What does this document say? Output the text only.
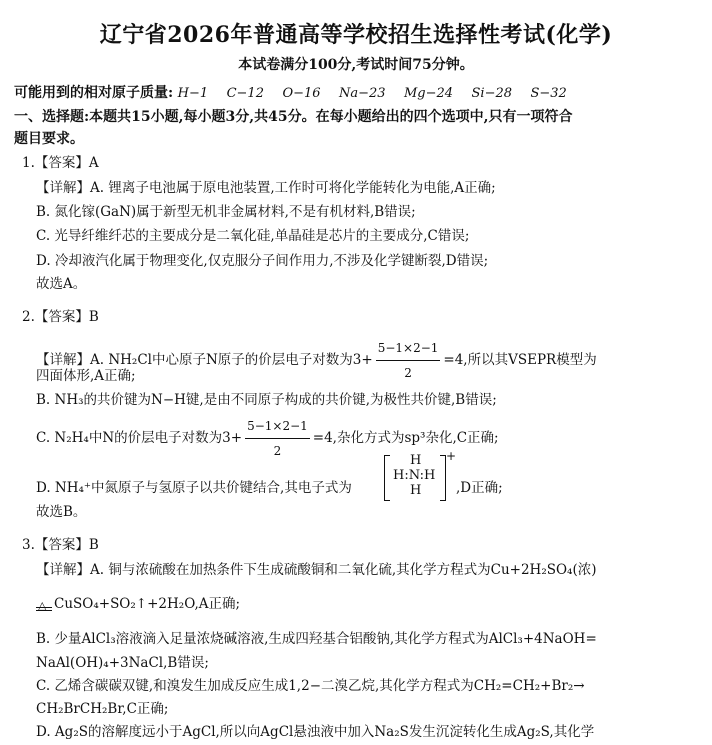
辽宁省2026年普通高等学校招生选择性考试(化学)
本试卷满分100分,考试时间75分钟。
可能用到的相对原子质量: H−1 C−12 O−16 Na−23 Mg−24 Si−28 S−32
一、选择题:本题共15小题,每小题3分,共45分。在每小题给出的四个选项中,只有一项符合
题目要求。
1.【答案】A
【详解】A. 锂离子电池属于原电池装置,工作时可将化学能转化为电能,A正确;
B. 氮化镓(GaN)属于新型无机非金属材料,不是有机材料,B错误;
C. 光导纤维纤芯的主要成分是二氧化硅,单晶硅是芯片的主要成分,C错误;
D. 冷却液汽化属于物理变化,仅克服分子间作用力,不涉及化学键断裂,D错误;
故选A。
2.【答案】B
【详解】A. NH₂Cl中心原子N原子的价层电子对数为$3+ \frac{5-1\times 2-1}{2} =4$,所以其VSEPR模型为
四面体形,A正确;
B. NH₃的共价键为N−H键,是由不同原子构成的共价键,为极性共价键,B错误;
C. N₂H₄中N的价层电子对数为$3+ \frac{5-1\times 2-1}{2} =4$,杂化方式为sp³杂化,C正确;
D. NH₄⁺中氮原子与氢原子以共价键结合,其电子式为
H
H:N:H
H
+
,D正确;
故选B。
3.【答案】B
【详解】A. 铜与浓硫酸在加热条件下生成硫酸铜和二氧化硫,其化学方程式为Cu+2H₂SO₄(浓)
△ CuSO₄+SO₂↑+2H₂O,A正确;
B. 少量AlCl₃溶液滴入足量浓烧碱溶液,生成四羟基合铝酸钠,其化学方程式为AlCl₃+4NaOH=
NaAl(OH)₄+3NaCl,B错误;
C. 乙烯含碳碳双键,和溴发生加成反应生成1,2−二溴乙烷,其化学方程式为CH₂=CH₂+Br₂→
CH₂BrCH₂Br,C正确;
D. Ag₂S的溶解度远小于AgCl,所以向AgCl悬浊液中加入Na₂S发生沉淀转化生成Ag₂S,其化学
